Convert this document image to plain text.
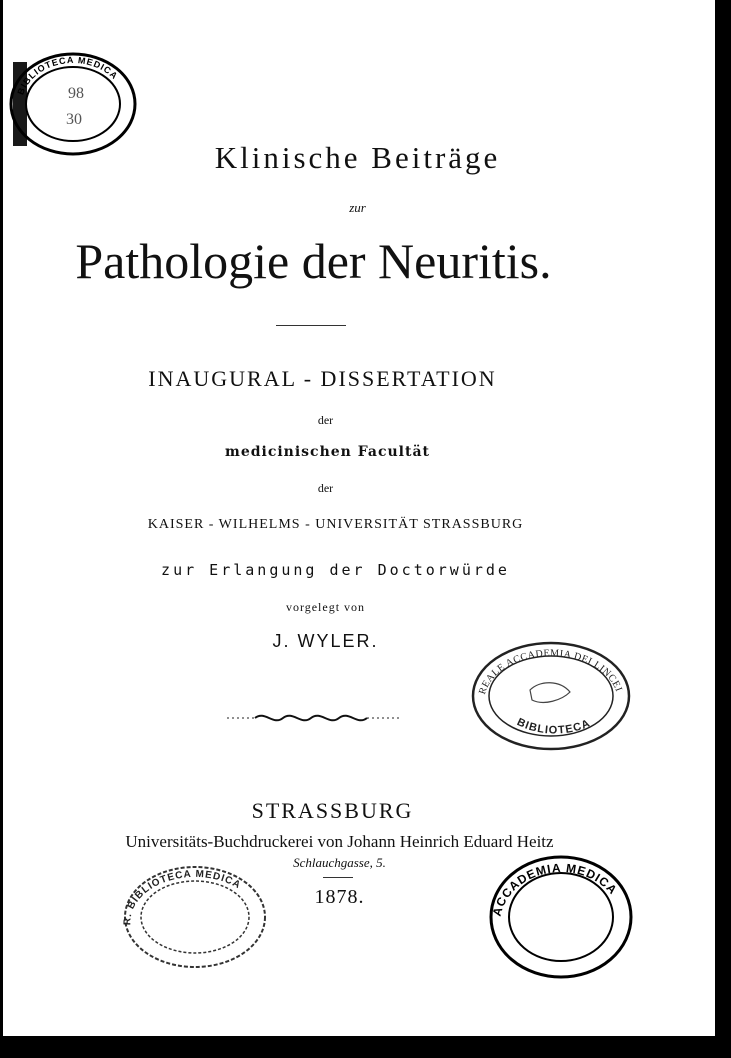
BIBLIOTECA MEDICA
98
30
Klinische Beiträge
zur
Pathologie der Neuritis.
INAUGURAL - DISSERTATION
der
medicinischen Facultät
der
KAISER - WILHELMS - UNIVERSITÄT STRASSBURG
zur Erlangung der Doctorwürde
vorgelegt von
J. WYLER.
REALE ACCADEMIA DEI LINCEI
BIBLIOTECA
STRASSBURG
Universitäts-Buchdruckerei von Johann Heinrich Eduard Heitz
Schlauchgasse, 5.
1878.
R. BIBLIOTECA MEDICA
ACCADEMIA MEDICA
